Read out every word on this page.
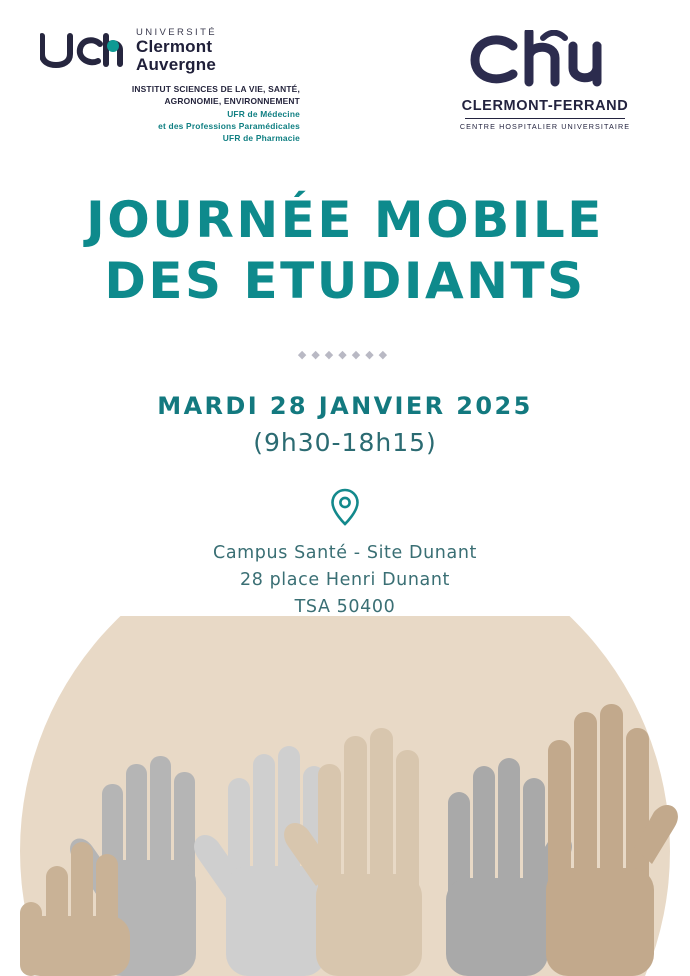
UNIVERSITÉ
Clermont
Auvergne
INSTITUT SCIENCES DE LA VIE, SANTÉ,
AGRONOMIE, ENVIRONNEMENT
UFR de Médecine
et des Professions Paramédicales
UFR de Pharmacie
CLERMONT-FERRAND
CENTRE HOSPITALIER UNIVERSITAIRE
JOURNÉE MOBILE
DES ETUDIANTS
◆◆◆◆◆◆◆
MARDI 28 JANVIER 2025
(9h30-18h15)
Campus Santé - Site Dunant
28 place Henri Dunant
TSA 50400
